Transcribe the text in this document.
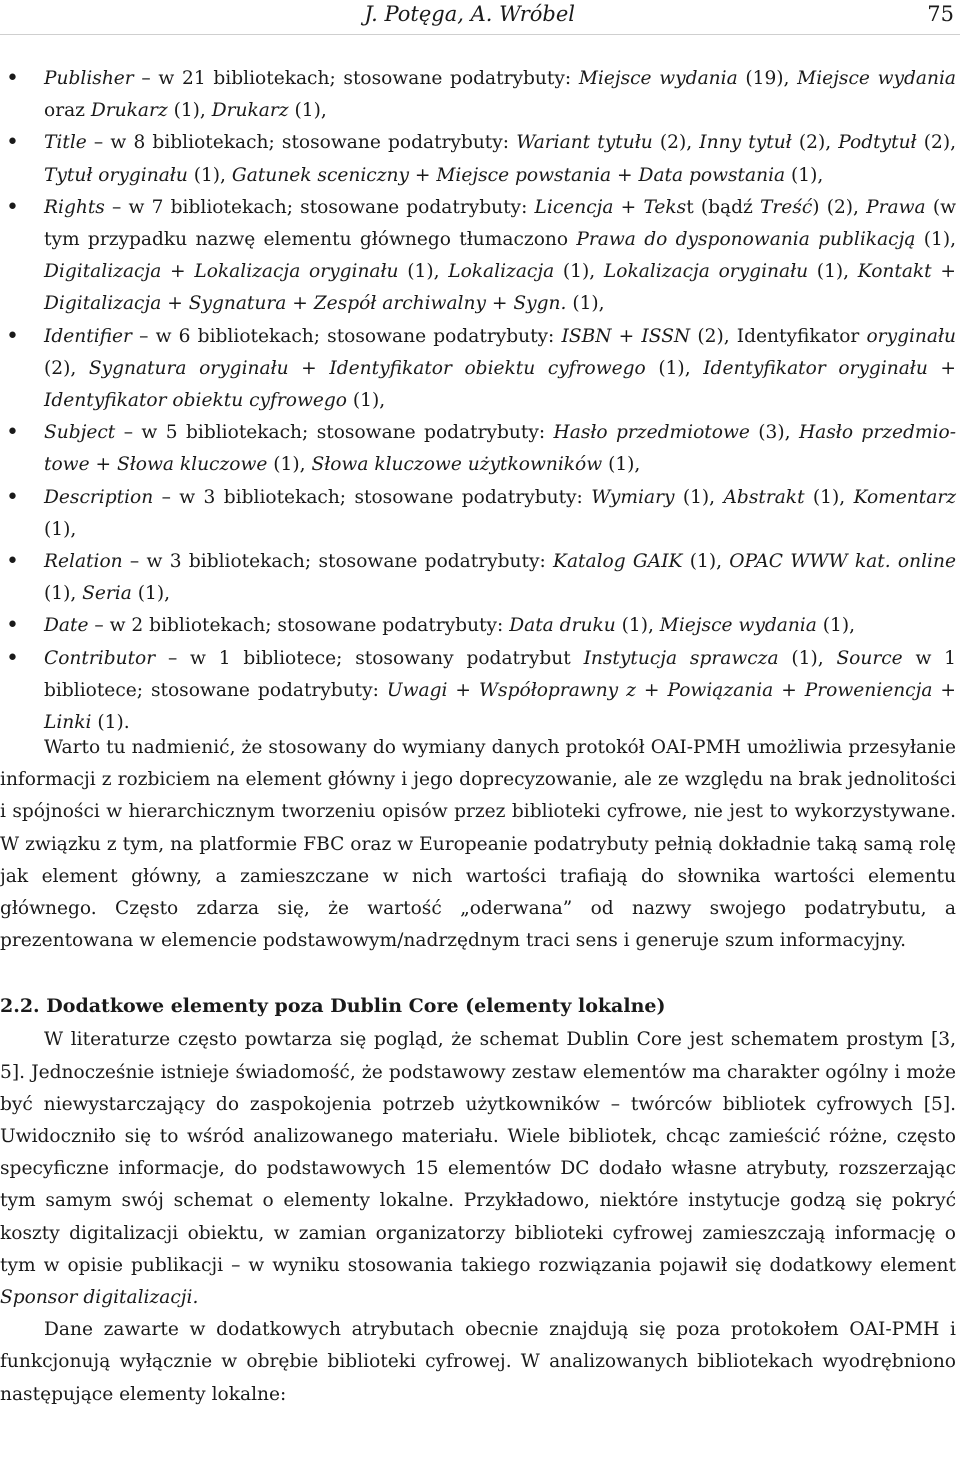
J. Potęga, A. Wróbel	75
• Publisher – w 21 bibliotekach; stosowane podatrybuty: Miejsce wydania (19), Miejsce wydania oraz Drukarz (1), Drukarz (1),
• Title – w 8 bibliotekach; stosowane podatrybuty: Wariant tytułu (2), Inny tytuł (2), Podtytuł (2), Tytuł oryginału (1), Gatunek sceniczny + Miejsce powstania + Data powstania (1),
• Rights – w 7 bibliotekach; stosowane podatrybuty: Licencja + Tekst (bądź Treść) (2), Prawa (w tym przypadku nazwę elementu głównego tłumaczono Prawa do dysponowania publikacją (1), Digitalizacja + Lokalizacja oryginału (1), Lokalizacja (1), Lokalizacja oryginału (1), Kontakt + Digitalizacja + Sygnatura + Zespół archiwalny + Sygn. (1),
• Identifier – w 6 bibliotekach; stosowane podatrybuty: ISBN + ISSN (2), Identyfikator oryginału (2), Sygnatura oryginału + Identyfikator obiektu cyfrowego (1), Identyfikator oryginału + Identyfikator obiektu cyfrowego (1),
• Subject – w 5 bibliotekach; stosowane podatrybuty: Hasło przedmiotowe (3), Hasło przedmiotowe + Słowa kluczowe (1), Słowa kluczowe użytkowników (1),
• Description – w 3 bibliotekach; stosowane podatrybuty: Wymiary (1), Abstrakt (1), Komentarz (1),
• Relation – w 3 bibliotekach; stosowane podatrybuty: Katalog GAIK (1), OPAC WWW kat. online (1), Seria (1),
• Date – w 2 bibliotekach; stosowane podatrybuty: Data druku (1), Miejsce wydania (1),
• Contributor – w 1 bibliotece; stosowany podatrybut Instytucja sprawcza (1), Source w 1 bibliotece; stosowane podatrybuty: Uwagi + Współoprawny z + Powiązania + Proweniencja + Linki (1).

Warto tu nadmienić, że stosowany do wymiany danych protokół OAI-PMH umożliwia przesyłanie informacji z rozbiciem na element główny i jego doprecyzowanie, ale ze względu na brak jednolitości i spójności w hierarchicznym tworzeniu opisów przez biblioteki cyfrowe, nie jest to wykorzystywane. W związku z tym, na platformie FBC oraz w Europeanie podatrybuty pełnią dokładnie taką samą rolę jak element główny, a zamieszczane w nich wartości trafiają do słownika wartości elementu głównego. Często zdarza się, że wartość „oderwana” od nazwy swojego podatrybutu, a prezentowana w elemencie podstawowym/nadrzędnym traci sens i generuje szum informacyjny.

2.2. Dodatkowe elementy poza Dublin Core (elementy lokalne)

W literaturze często powtarza się pogląd, że schemat Dublin Core jest schematem prostym [3, 5]. Jednocześnie istnieje świadomość, że podstawowy zestaw elementów ma charakter ogólny i może być niewystarczający do zaspokojenia potrzeb użytkowników – twórców bibliotek cyfrowych [5]. Uwidoczniło się to wśród analizowanego materiału. Wiele bibliotek, chcąc zamieścić różne, często specyficzne informacje, do podstawowych 15 elementów DC dodało własne atrybuty, rozszerzając tym samym swój schemat o elementy lokalne. Przykładowo, niektóre instytucje godzą się pokryć koszty digitalizacji obiektu, w zamian organizatorzy biblioteki cyfrowej zamieszczają informację o tym w opisie publikacji – w wyniku stosowania takiego rozwiązania pojawił się dodatkowy element Sponsor digitalizacji.

Dane zawarte w dodatkowych atrybutach obecnie znajdują się poza protokołem OAI-PMH i funkcjonują wyłącznie w obrębie biblioteki cyfrowej. W analizowanych bibliotekach wyodrębniono następujące elementy lokalne:
